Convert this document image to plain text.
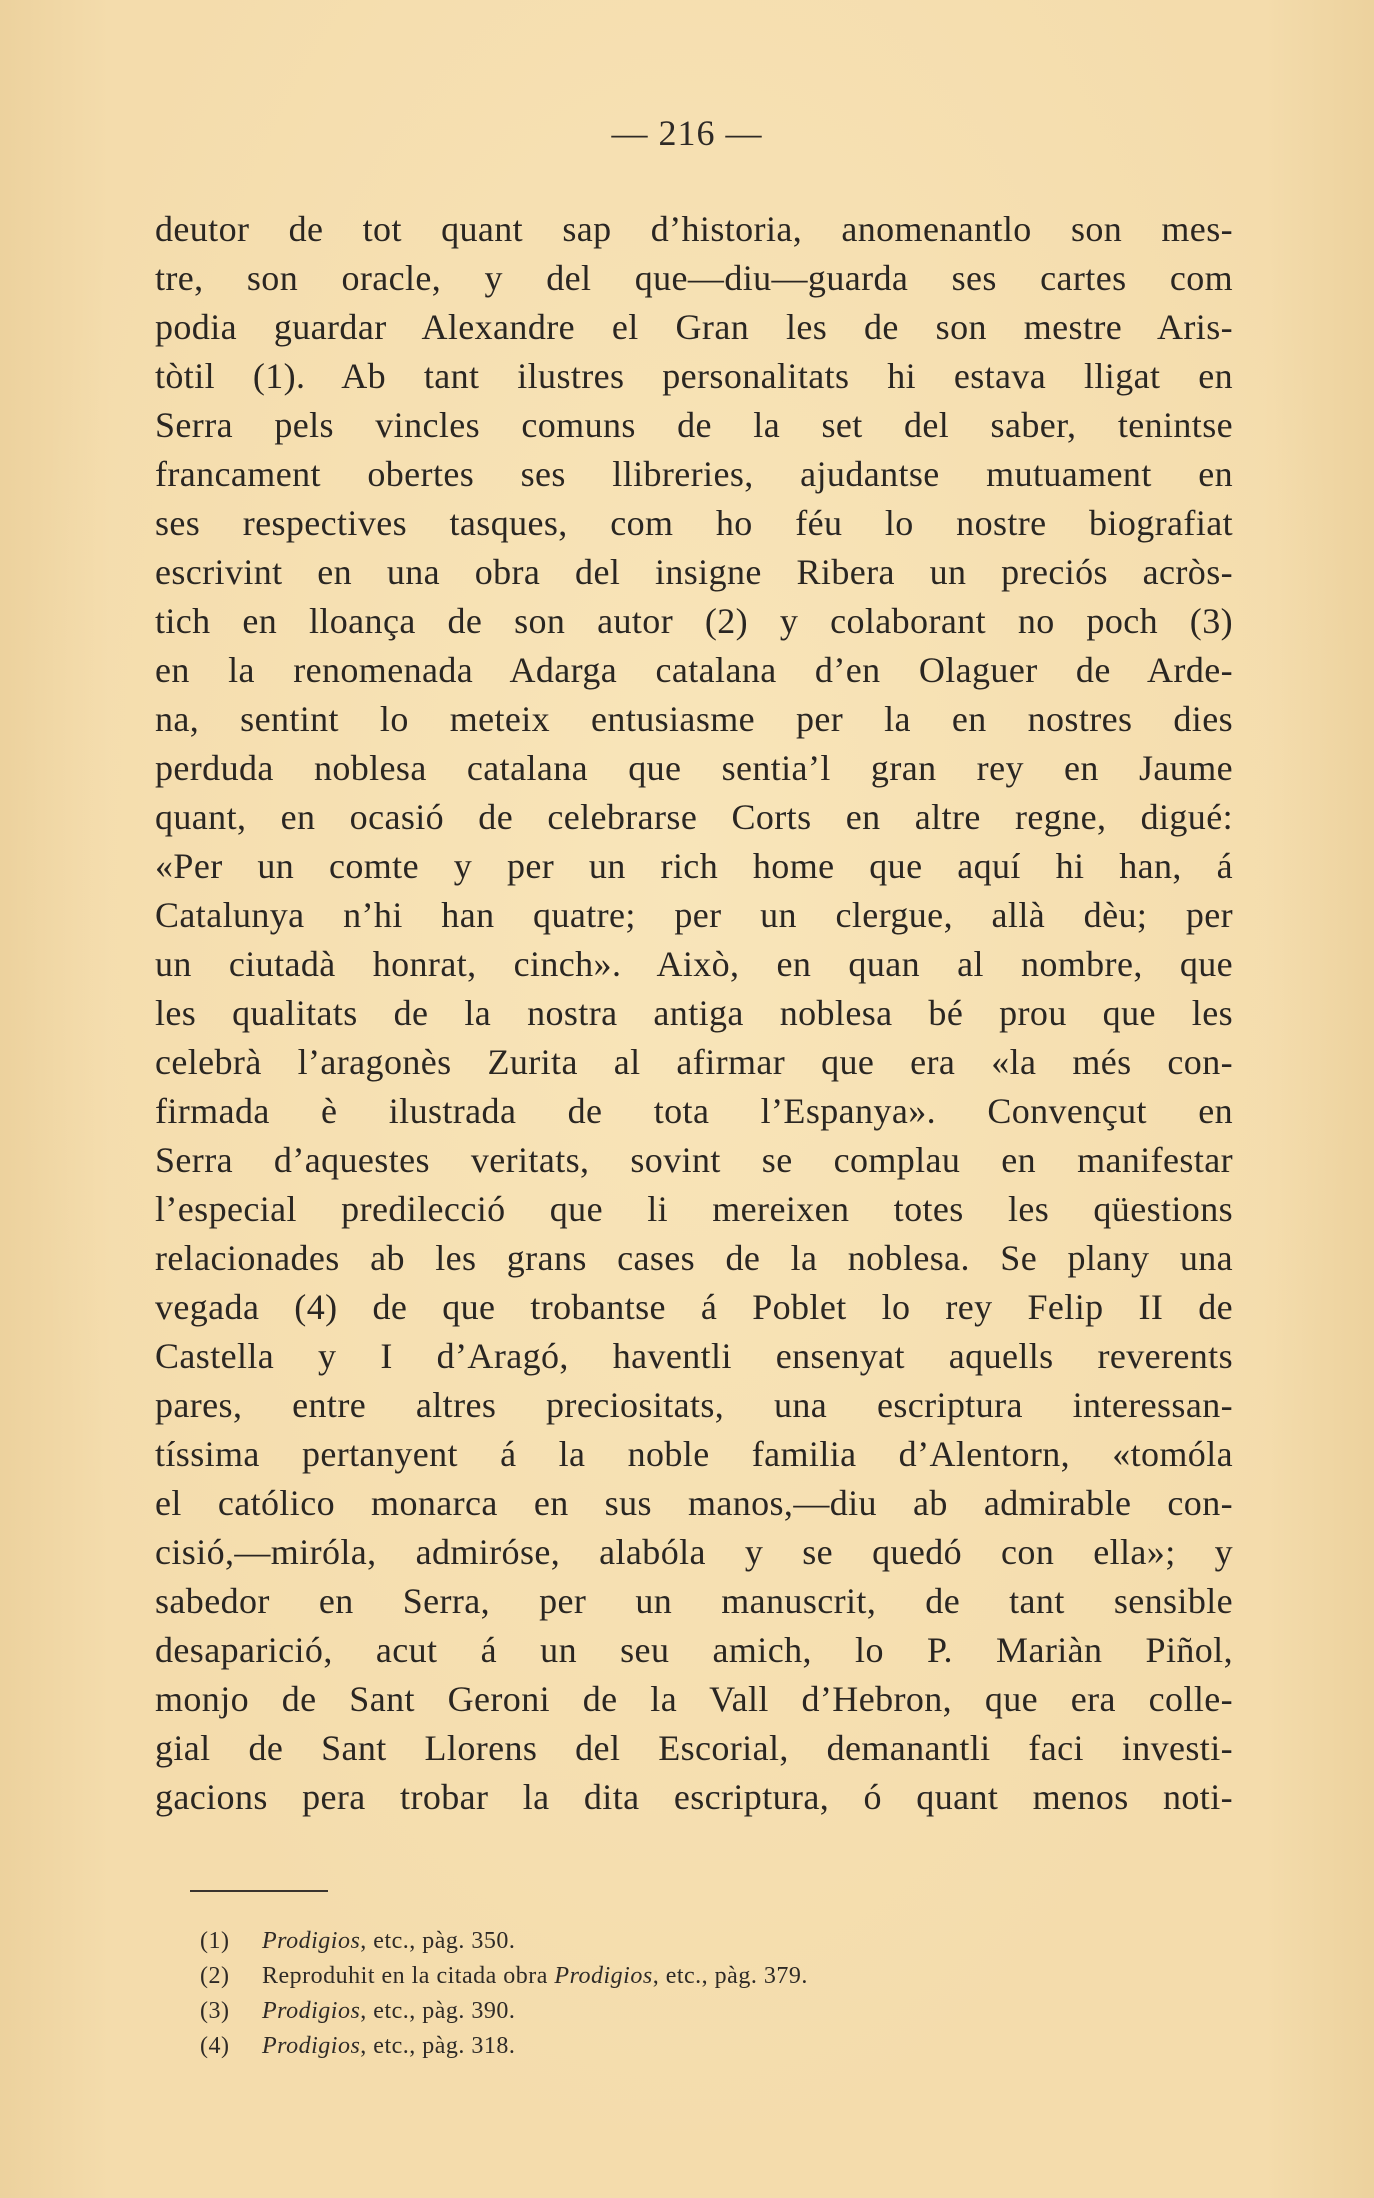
— 216 —
deutor de tot quant sap d’historia, anomenantlo son mes-
tre, son oracle, y del que—diu—guarda ses cartes com
podia guardar Alexandre el Gran les de son mestre Aris-
tòtil (1). Ab tant ilustres personalitats hi estava lligat en
Serra pels vincles comuns de la set del saber, tenintse
francament obertes ses llibreries, ajudantse mutuament en
ses respectives tasques, com ho féu lo nostre biografiat
escrivint en una obra del insigne Ribera un preciós acròs-
tich en lloança de son autor (2) y colaborant no poch (3)
en la renomenada Adarga catalana d’en Olaguer de Arde-
na, sentint lo meteix entusiasme per la en nostres dies
perduda noblesa catalana que sentia’l gran rey en Jaume
quant, en ocasió de celebrarse Corts en altre regne, digué:
«Per un comte y per un rich home que aquí hi han, á
Catalunya n’hi han quatre; per un clergue, allà dèu; per
un ciutadà honrat, cinch». Això, en quan al nombre, que
les qualitats de la nostra antiga noblesa bé prou que les
celebrà l’aragonès Zurita al afirmar que era «la més con-
firmada è ilustrada de tota l’Espanya». Convençut en
Serra d’aquestes veritats, sovint se complau en manifestar
l’especial predilecció que li mereixen totes les qüestions
relacionades ab les grans cases de la noblesa. Se plany una
vegada (4) de que trobantse á Poblet lo rey Felip II de
Castella y I d’Aragó, haventli ensenyat aquells reverents
pares, entre altres preciositats, una escriptura interessan-
tíssima pertanyent á la noble familia d’Alentorn, «tomóla
el católico monarca en sus manos,—diu ab admirable con-
cisió,—miróla, admiróse, alabóla y se quedó con ella»; y
sabedor en Serra, per un manuscrit, de tant sensible
desaparició, acut á un seu amich, lo P. Mariàn Piñol,
monjo de Sant Geroni de la Vall d’Hebron, que era colle-
gial de Sant Llorens del Escorial, demanantli faci investi-
gacions pera trobar la dita escriptura, ó quant menos noti-
(1) Prodigios, etc., pàg. 350.
(2) Reproduhit en la citada obra Prodigios, etc., pàg. 379.
(3) Prodigios, etc., pàg. 390.
(4) Prodigios, etc., pàg. 318.
